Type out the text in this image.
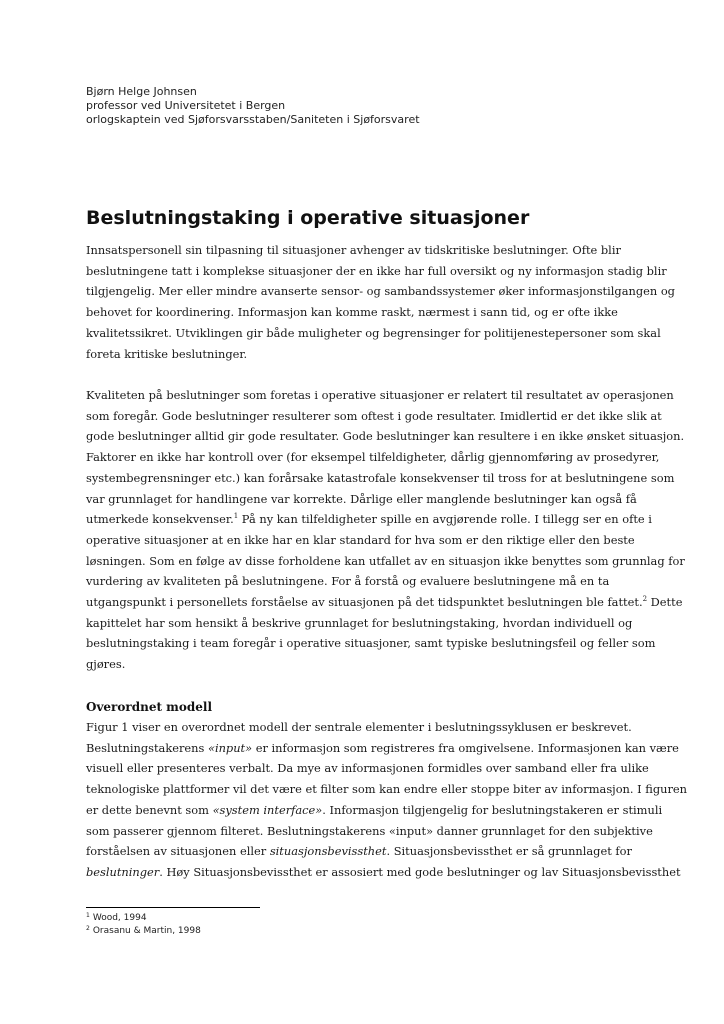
Bjørn Helge Johnsen
professor ved Universitetet i Bergen
orlogskaptein ved Sjøforsvarsstaben/Saniteten i Sjøforsvaret
Beslutningstaking i operative situasjoner

Innsatspersonell sin tilpasning til situasjoner avhenger av tidskritiske beslutninger. Ofte blir
beslutningene tatt i komplekse situasjoner der en ikke har full oversikt og ny informasjon stadig blir
tilgjengelig. Mer eller mindre avanserte sensor- og sambandssystemer øker informasjonstilgangen og
behovet for koordinering. Informasjon kan komme raskt, nærmest i sann tid, og er ofte ikke
kvalitetssikret. Utviklingen gir både muligheter og begrensinger for politijenestepersoner som skal
foreta kritiske beslutninger.

Kvaliteten på beslutninger som foretas i operative situasjoner er relatert til resultatet av operasjonen
som foregår. Gode beslutninger resulterer som oftest i gode resultater. Imidlertid er det ikke slik at
gode beslutninger alltid gir gode resultater. Gode beslutninger kan resultere i en ikke ønsket situasjon.
Faktorer en ikke har kontroll over (for eksempel tilfeldigheter, dårlig gjennomføring av prosedyrer,
systembegrensninger etc.) kan forårsake katastrofale konsekvenser til tross for at beslutningene som
var grunnlaget for handlingene var korrekte. Dårlige eller manglende beslutninger kan også få
utmerkede konsekvenser.$^1$ På ny kan tilfeldigheter spille en avgjørende rolle. I tillegg ser en ofte i
operative situasjoner at en ikke har en klar standard for hva som er den riktige eller den beste
løsningen. Som en følge av disse forholdene kan utfallet av en situasjon ikke benyttes som grunnlag for
vurdering av kvaliteten på beslutningene. For å forstå og evaluere beslutningene må en ta
utgangspunkt i personellets forståelse av situasjonen på det tidspunktet beslutningen ble fattet.$^2$ Dette
kapittelet har som hensikt å beskrive grunnlaget for beslutningstaking, hvordan individuell og
beslutningstaking i team foregår i operative situasjoner, samt typiske beslutningsfeil og feller som
gjøres.

Overordnet modell

Figur 1 viser en overordnet modell der sentrale elementer i beslutningssyklusen er beskrevet.
Beslutningstakerens «input» er informasjon som registreres fra omgivelsene. Informasjonen kan være
visuell eller presenteres verbalt. Da mye av informasjonen formidles over samband eller fra ulike
teknologiske plattformer vil det være et filter som kan endre eller stoppe biter av informasjon. I figuren
er dette benevnt som «system interface». Informasjon tilgjengelig for beslutningstakeren er stimuli
som passerer gjennom filteret. Beslutningstakerens «input» danner grunnlaget for den subjektive
forståelsen av situasjonen eller situasjonsbevissthet. Situasjonsbevissthet er så grunnlaget for
beslutninger. Høy Situasjonsbevissthet er assosiert med gode beslutninger og lav Situasjonsbevissthet

$^1$ Wood, 1994
$^2$ Orasanu & Martin, 1998
